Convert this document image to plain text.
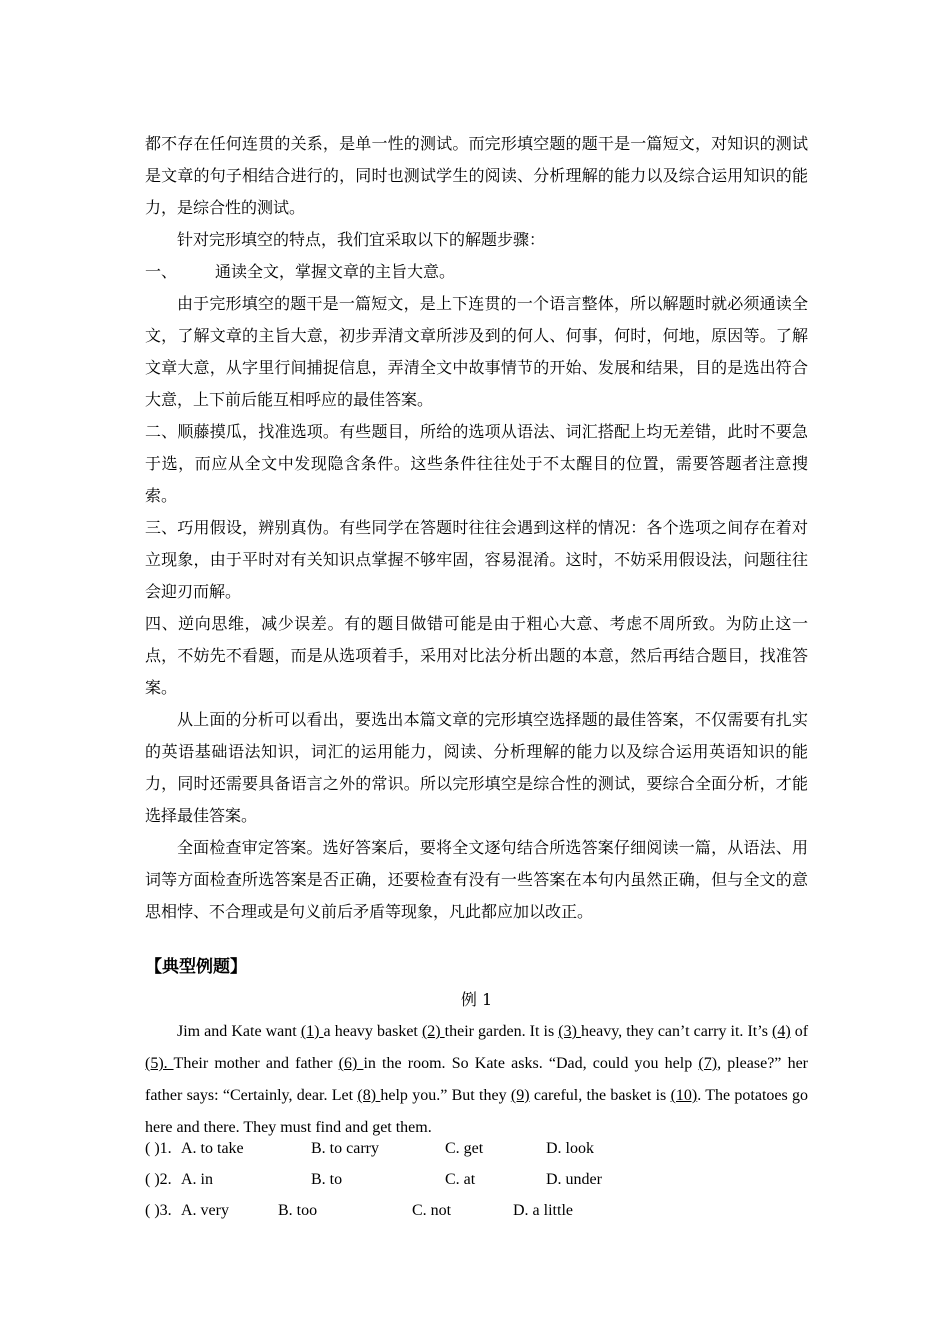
都不存在任何连贯的关系，是单一性的测试。而完形填空题的题干是一篇短文，对知识的测试是文章的句子相结合进行的，同时也测试学生的阅读、分析理解的能力以及综合运用知识的能力，是综合性的测试。

针对完形填空的特点，我们宜采取以下的解题步骤：

一、 通读全文，掌握文章的主旨大意。

由于完形填空的题干是一篇短文，是上下连贯的一个语言整体，所以解题时就必须通读全文，了解文章的主旨大意，初步弄清文章所涉及到的何人、何事，何时，何地，原因等。了解文章大意，从字里行间捕捉信息，弄清全文中故事情节的开始、发展和结果，目的是选出符合大意，上下前后能互相呼应的最佳答案。

二、顺藤摸瓜，找准选项。有些题目，所给的选项从语法、词汇搭配上均无差错，此时不要急于选，而应从全文中发现隐含条件。这些条件往往处于不太醒目的位置，需要答题者注意搜索。

三、巧用假设，辨别真伪。有些同学在答题时往往会遇到这样的情况：各个选项之间存在着对立现象，由于平时对有关知识点掌握不够牢固，容易混淆。这时，不妨采用假设法，问题往往会迎刃而解。

四、逆向思维，减少误差。有的题目做错可能是由于粗心大意、考虑不周所致。为防止这一点，不妨先不看题，而是从选项着手，采用对比法分析出题的本意，然后再结合题目，找准答案。

从上面的分析可以看出，要选出本篇文章的完形填空选择题的最佳答案，不仅需要有扎实的英语基础语法知识，词汇的运用能力，阅读、分析理解的能力以及综合运用英语知识的能力，同时还需要具备语言之外的常识。所以完形填空是综合性的测试，要综合全面分析，才能选择最佳答案。

全面检查审定答案。选好答案后，要将全文逐句结合所选答案仔细阅读一篇，从语法、用词等方面检查所选答案是否正确，还要检查有没有一些答案在本句内虽然正确，但与全文的意思相悖、不合理或是句义前后矛盾等现象，凡此都应加以改正。

【典型例题】

例 1

Jim and Kate want (1) a heavy basket (2) their garden. It is (3) heavy, they can’t carry it. It’s (4) of (5). Their mother and father (6) in the room. So Kate asks. “Dad, could you help (7), please?” her father says: “Certainly, dear. Let (8) help you.” But they (9) careful, the basket is (10). The potatoes go here and there. They must find and get them.

( )1. A. to take	B. to carry	C. get	D. look
( )2. A. in	B. to	C. at	D. under
( )3. A. very	B. too	C. not	D. a little
